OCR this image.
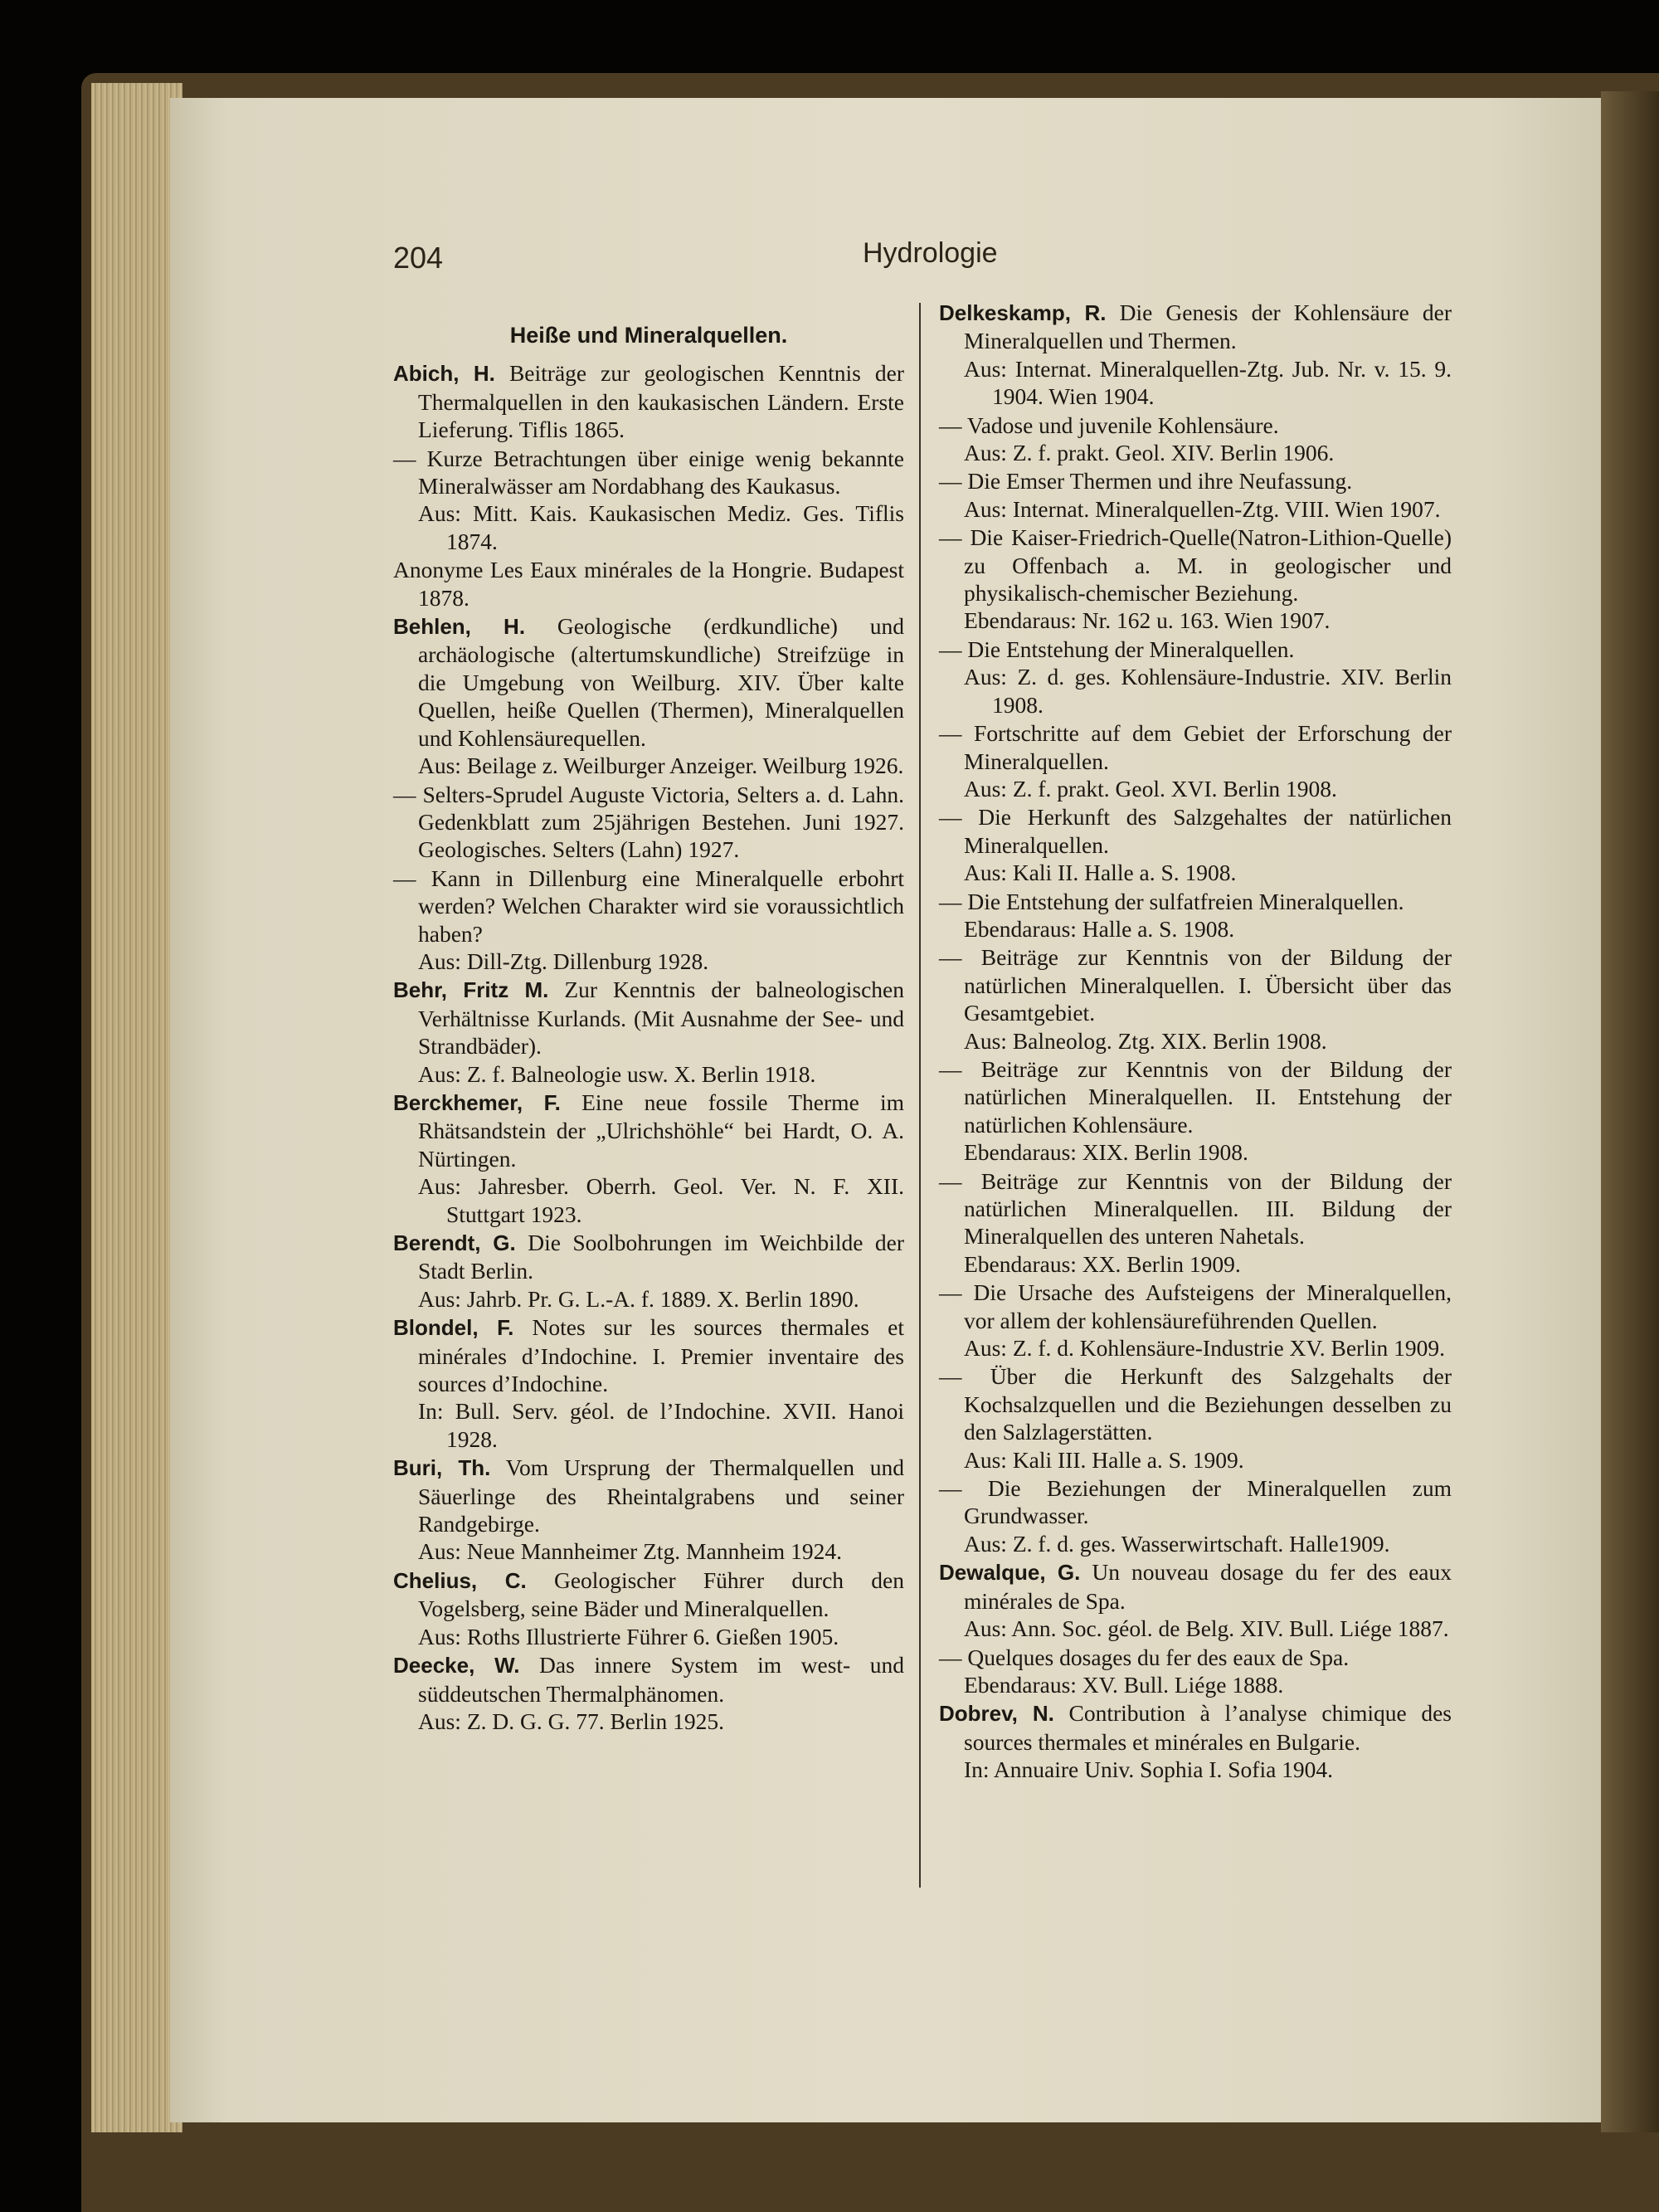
204	Hydrologie
Heiße und Mineralquellen.

Abich, H. Beiträge zur geologischen Kenntnis der Thermalquellen in den kaukasischen Ländern. Erste Lieferung. Tiflis 1865.

— Kurze Betrachtungen über einige wenig bekannte Mineralwässer am Nordabhang des Kaukasus.

Aus: Mitt. Kais. Kaukasischen Mediz. Ges. Tiflis 1874.

Anonyme Les Eaux minérales de la Hongrie. Budapest 1878.

Behlen, H. Geologische (erdkundliche) und archäologische (altertumskundliche) Streifzüge in die Umgebung von Weilburg. XIV. Über kalte Quellen, heiße Quellen (Thermen), Mineralquellen und Kohlensäurequellen.

Aus: Beilage z. Weilburger Anzeiger. Weilburg 1926.

— Selters-Sprudel Auguste Victoria, Selters a. d. Lahn. Gedenkblatt zum 25jährigen Bestehen. Juni 1927. Geologisches. Selters (Lahn) 1927.

— Kann in Dillenburg eine Mineralquelle erbohrt werden? Welchen Charakter wird sie voraussichtlich haben?

Aus: Dill-Ztg. Dillenburg 1928.

Behr, Fritz M. Zur Kenntnis der balneologischen Verhältnisse Kurlands. (Mit Ausnahme der See- und Strandbäder).

Aus: Z. f. Balneologie usw. X. Berlin 1918.

Berckhemer, F. Eine neue fossile Therme im Rhätsandstein der „Ulrichshöhle“ bei Hardt, O. A. Nürtingen.

Aus: Jahresber. Oberrh. Geol. Ver. N. F. XII. Stuttgart 1923.

Berendt, G. Die Soolbohrungen im Weichbilde der Stadt Berlin.

Aus: Jahrb. Pr. G. L.-A. f. 1889. X. Berlin 1890.

Blondel, F. Notes sur les sources thermales et minérales d’Indochine. I. Premier inventaire des sources d’Indochine.

In: Bull. Serv. géol. de l’Indochine. XVII. Hanoi 1928.

Buri, Th. Vom Ursprung der Thermalquellen und Säuerlinge des Rheintalgrabens und seiner Randgebirge.

Aus: Neue Mannheimer Ztg. Mannheim 1924.

Chelius, C. Geologischer Führer durch den Vogelsberg, seine Bäder und Mineralquellen.

Aus: Roths Illustrierte Führer 6. Gießen 1905.

Deecke, W. Das innere System im west- und süddeutschen Thermalphänomen.

Aus: Z. D. G. G. 77. Berlin 1925.

Delkeskamp, R. Die Genesis der Kohlensäure der Mineralquellen und Thermen.

Aus: Internat. Mineralquellen-Ztg. Jub. Nr. v. 15. 9. 1904. Wien 1904.

— Vadose und juvenile Kohlensäure.

Aus: Z. f. prakt. Geol. XIV. Berlin 1906.

— Die Emser Thermen und ihre Neufassung.

Aus: Internat. Mineralquellen-Ztg. VIII. Wien 1907.

— Die Kaiser-Friedrich-Quelle(Natron-Lithion-Quelle) zu Offenbach a. M. in geologischer und physikalisch-chemischer Beziehung.

Ebendaraus: Nr. 162 u. 163. Wien 1907.

— Die Entstehung der Mineralquellen.

Aus: Z. d. ges. Kohlensäure-Industrie. XIV. Berlin 1908.

— Fortschritte auf dem Gebiet der Erforschung der Mineralquellen.

Aus: Z. f. prakt. Geol. XVI. Berlin 1908.

— Die Herkunft des Salzgehaltes der natürlichen Mineralquellen.

Aus: Kali II. Halle a. S. 1908.

— Die Entstehung der sulfatfreien Mineralquellen.

Ebendaraus: Halle a. S. 1908.

— Beiträge zur Kenntnis von der Bildung der natürlichen Mineralquellen. I. Übersicht über das Gesamtgebiet.

Aus: Balneolog. Ztg. XIX. Berlin 1908.

— Beiträge zur Kenntnis von der Bildung der natürlichen Mineralquellen. II. Entstehung der natürlichen Kohlensäure.

Ebendaraus: XIX. Berlin 1908.

— Beiträge zur Kenntnis von der Bildung der natürlichen Mineralquellen. III. Bildung der Mineralquellen des unteren Nahetals.

Ebendaraus: XX. Berlin 1909.

— Die Ursache des Aufsteigens der Mineralquellen, vor allem der kohlensäureführenden Quellen.

Aus: Z. f. d. Kohlensäure-Industrie XV. Berlin 1909.

— Über die Herkunft des Salzgehalts der Kochsalzquellen und die Beziehungen desselben zu den Salzlagerstätten.

Aus: Kali III. Halle a. S. 1909.

— Die Beziehungen der Mineralquellen zum Grundwasser.

Aus: Z. f. d. ges. Wasserwirtschaft. Halle1909.

Dewalque, G. Un nouveau dosage du fer des eaux minérales de Spa.

Aus: Ann. Soc. géol. de Belg. XIV. Bull. Liége 1887.

— Quelques dosages du fer des eaux de Spa.

Ebendaraus: XV. Bull. Liége 1888.

Dobrev, N. Contribution à l’analyse chimique des sources thermales et minérales en Bulgarie.

In: Annuaire Univ. Sophia I. Sofia 1904.
